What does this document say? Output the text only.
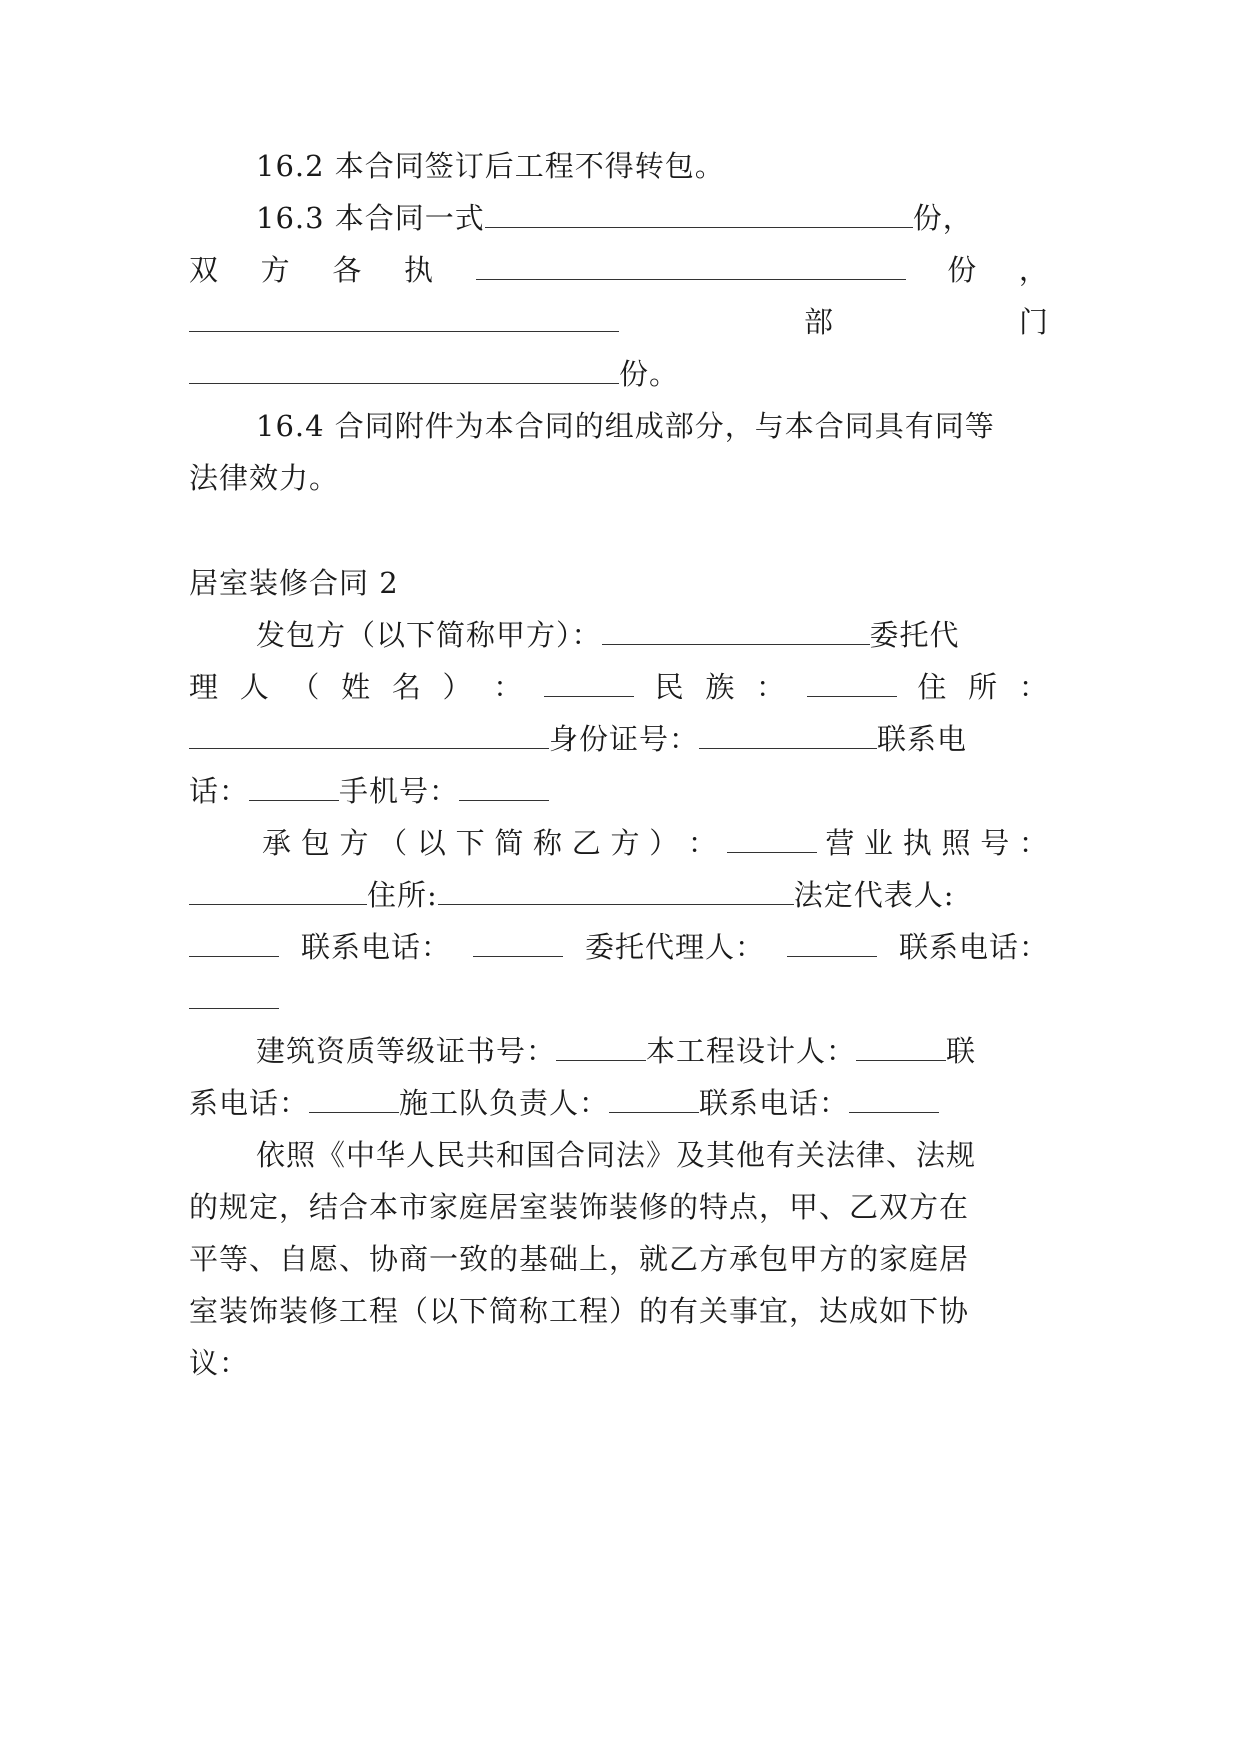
16.2 本合同签订后工程不得转包。
16.3 本合同一式	份，
双 方 各 执	份 ，
部	门
份。
16.4 合同附件为本合同的组成部分，与本合同具有同等
法律效力。
居室装修合同 2
发包方（以下简称甲方）：	委托代
理 人 （ 姓 名 ） ：	民 族 ：	住 所 ：
身份证号：	联系电
话：	手机号：
承 包 方 （ 以 下 简 称 乙 方 ） ：	营 业 执 照 号 ：
住所:	法定代表人:
联系电话：	委托代理人：	联系电话：
建筑资质等级证书号：	本工程设计人：	联
系电话：	施工队负责人：	联系电话：
依照《中华人民共和国合同法》及其他有关法律、法规
的规定，结合本市家庭居室装饰装修的特点，甲、乙双方在
平等、自愿、协商一致的基础上，就乙方承包甲方的家庭居
室装饰装修工程（以下简称工程）的有关事宜，达成如下协
议：
